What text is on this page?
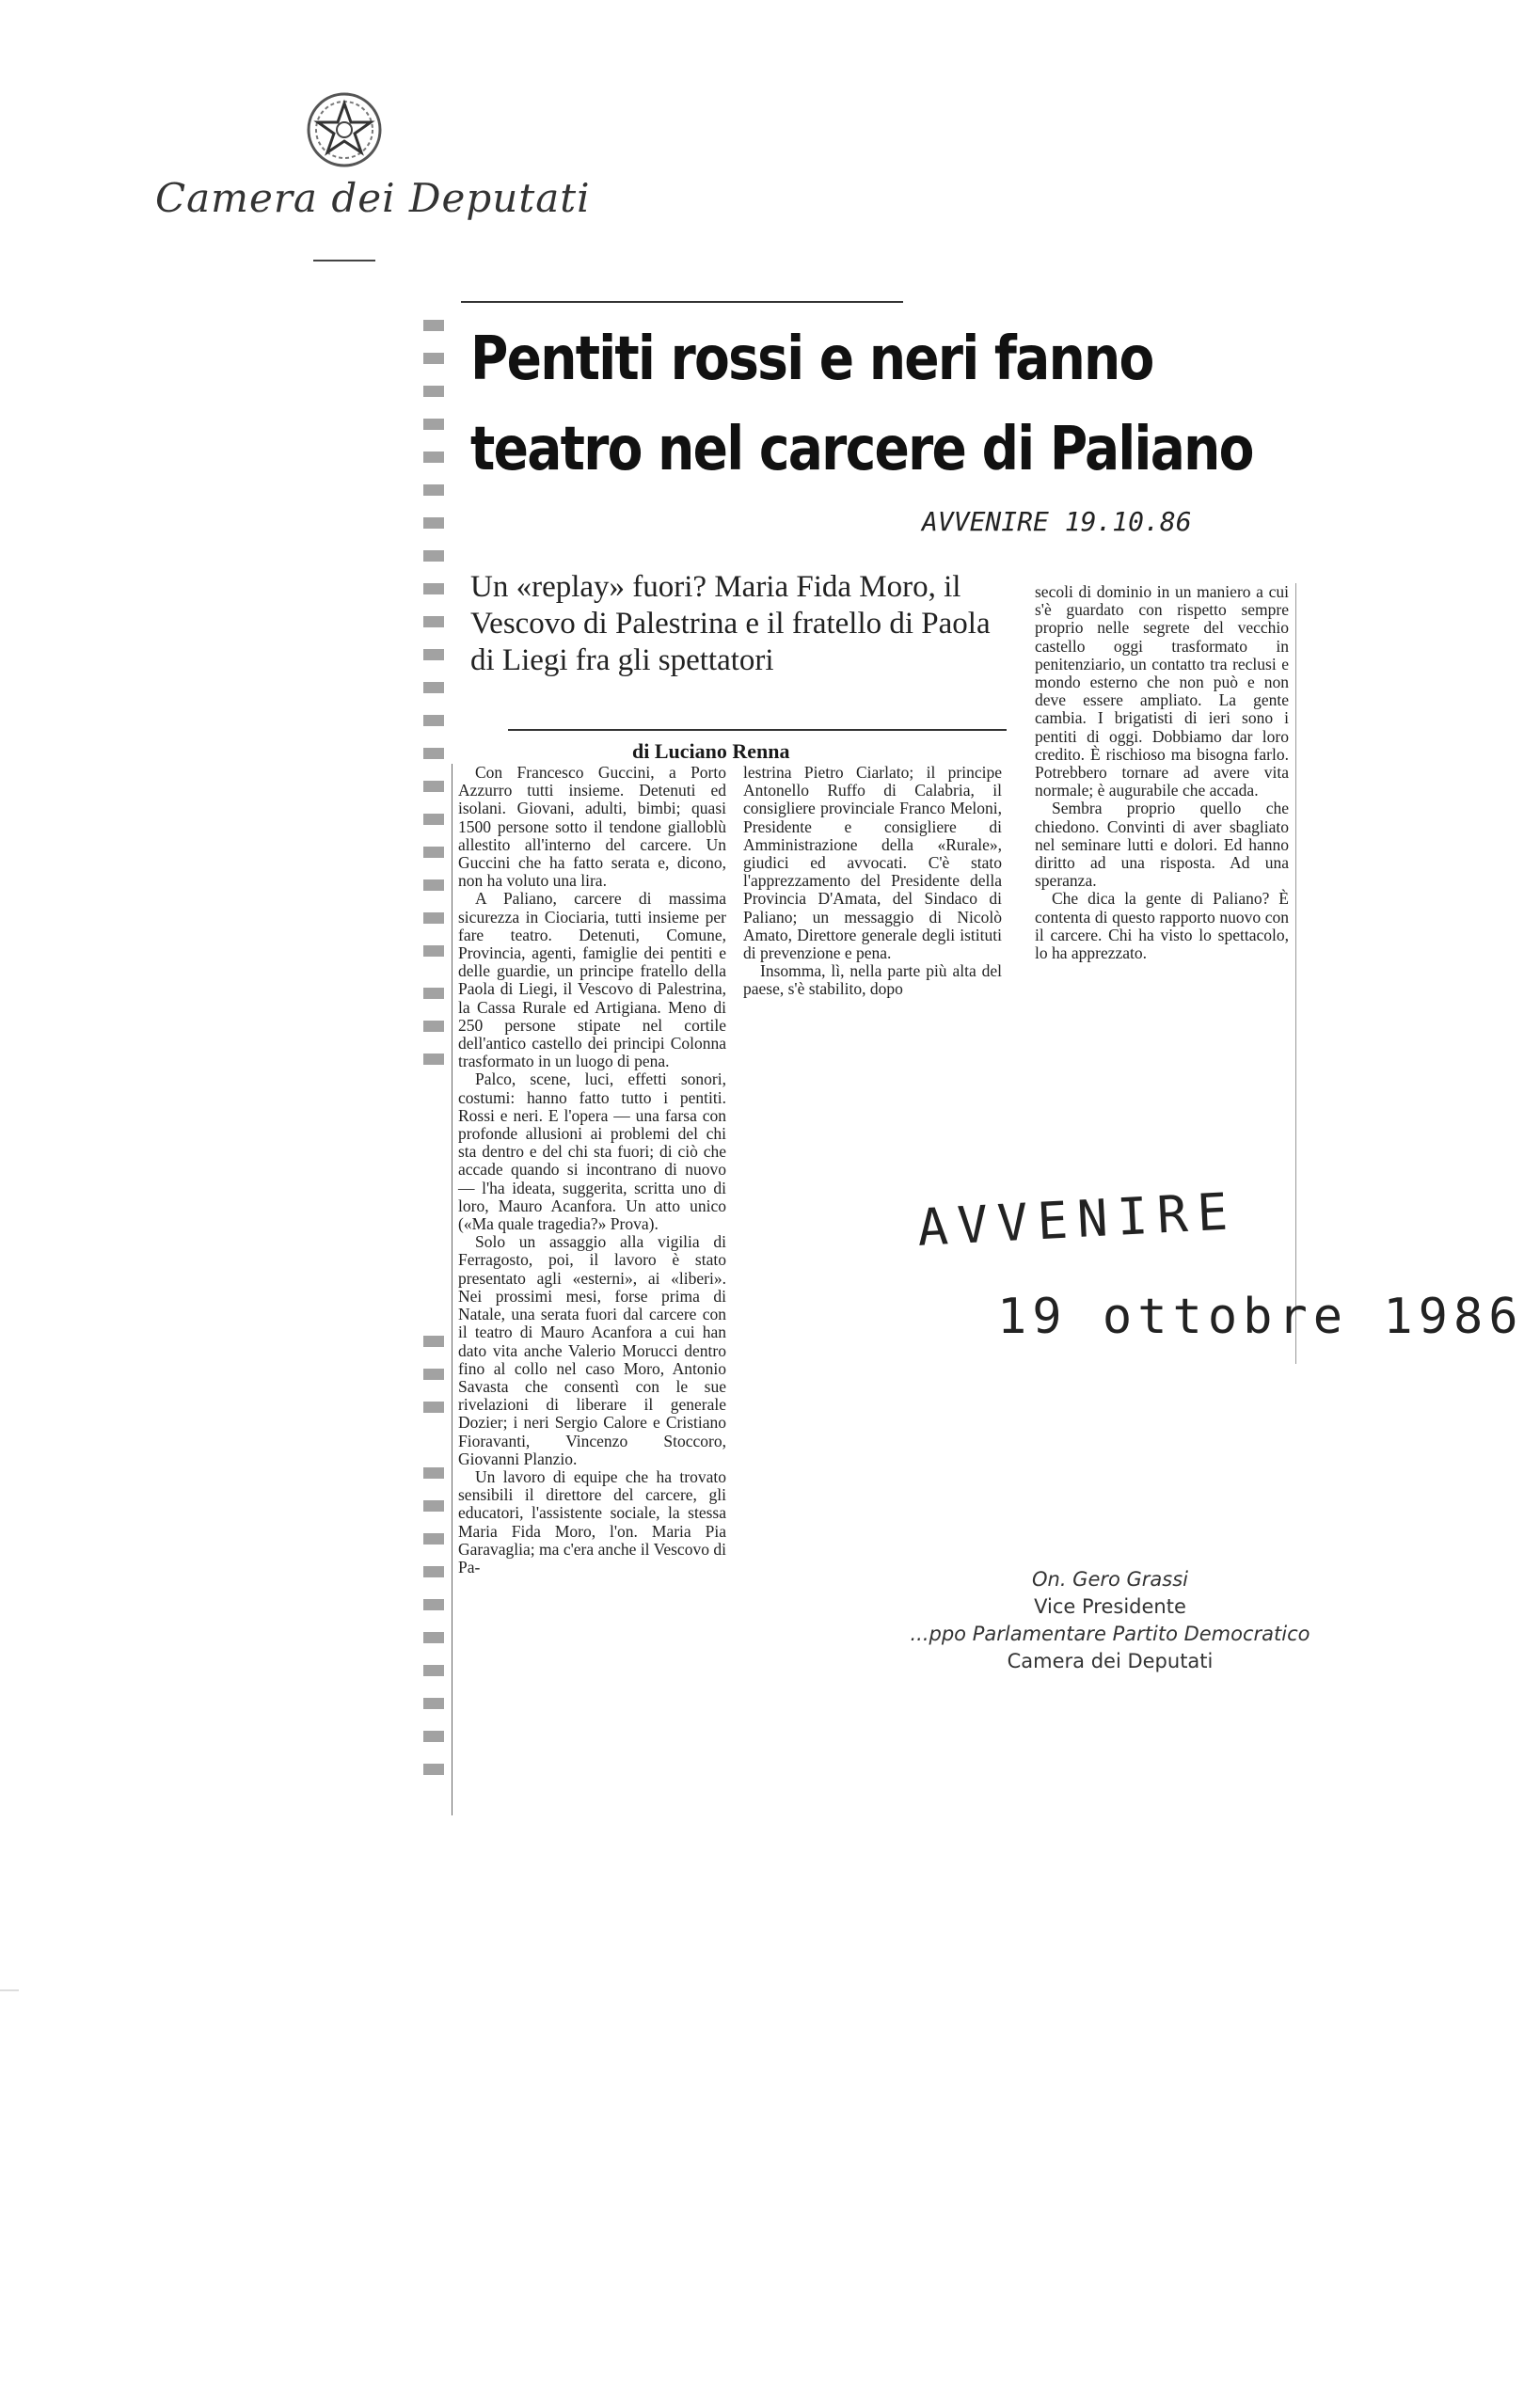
Camera dei Deputati
Pentiti rossi e neri fanno
teatro nel carcere di Paliano
AVVENIRE 19.10.86
Un «replay» fuori? Maria Fida Moro, il Vescovo di Palestrina e il fratello di Paola di Liegi fra gli spettatori
di Luciano Renna

Con Francesco Guccini, a Porto Azzurro tutti insieme. Detenuti ed isolani. Giovani, adulti, bimbi; quasi 1500 persone sotto il tendone gialloblù allestito all'interno del carcere. Un Guccini che ha fatto serata e, dicono, non ha voluto una lira.

A Paliano, carcere di massima sicurezza in Ciociaria, tutti insieme per fare teatro. Detenuti, Comune, Provincia, agenti, famiglie dei pentiti e delle guardie, un principe fratello della Paola di Liegi, il Vescovo di Palestrina, la Cassa Rurale ed Artigiana. Meno di 250 persone stipate nel cortile dell'antico castello dei principi Colonna trasformato in un luogo di pena.

Palco, scene, luci, effetti sonori, costumi: hanno fatto tutto i pentiti. Rossi e neri. E l'opera — una farsa con profonde allusioni ai problemi del chi sta dentro e del chi sta fuori; di ciò che accade quando si incontrano di nuovo — l'ha ideata, suggerita, scritta uno di loro, Mauro Acanfora. Un atto unico («Ma quale tragedia?» Prova).

Solo un assaggio alla vigilia di Ferragosto, poi, il lavoro è stato presentato agli «esterni», ai «liberi». Nei prossimi mesi, forse prima di Natale, una serata fuori dal carcere con il teatro di Mauro Acanfora a cui han dato vita anche Valerio Morucci dentro fino al collo nel caso Moro, Antonio Savasta che consentì con le sue rivelazioni di liberare il generale Dozier; i neri Sergio Calore e Cristiano Fioravanti, Vincenzo Stoccoro, Giovanni Planzio.

Un lavoro di equipe che ha trovato sensibili il direttore del carcere, gli educatori, l'assistente sociale, la stessa Maria Fida Moro, l'on. Maria Pia Garavaglia; ma c'era anche il Vescovo di Pa-

lestrina Pietro Ciarlato; il principe Antonello Ruffo di Calabria, il consigliere provinciale Franco Meloni, Presidente e consigliere di Amministrazione della «Rurale», giudici ed avvocati. C'è stato l'apprezzamento del Presidente della Provincia D'Amata, del Sindaco di Paliano; un messaggio di Nicolò Amato, Direttore generale degli istituti di prevenzione e pena.

Insomma, lì, nella parte più alta del paese, s'è stabilito, dopo

secoli di dominio in un maniero a cui s'è guardato con rispetto sempre proprio nelle segrete del vecchio castello oggi trasformato in penitenziario, un contatto tra reclusi e mondo esterno che non può e non deve essere ampliato. La gente cambia. I brigatisti di ieri sono i pentiti di oggi. Dobbiamo dar loro credito. È rischioso ma bisogna farlo. Potrebbero tornare ad avere vita normale; è augurabile che accada.

Sembra proprio quello che chiedono. Convinti di aver sbagliato nel seminare lutti e dolori. Ed hanno diritto ad una risposta. Ad una speranza.

Che dica la gente di Paliano? È contenta di questo rapporto nuovo con il carcere. Chi ha visto lo spettacolo, lo ha apprezzato.

AVVENIRE
19 ottobre 1986
On. Gero Grassi
Vice Presidente
...ppo Parlamentare Partito Democratico
Camera dei Deputati
